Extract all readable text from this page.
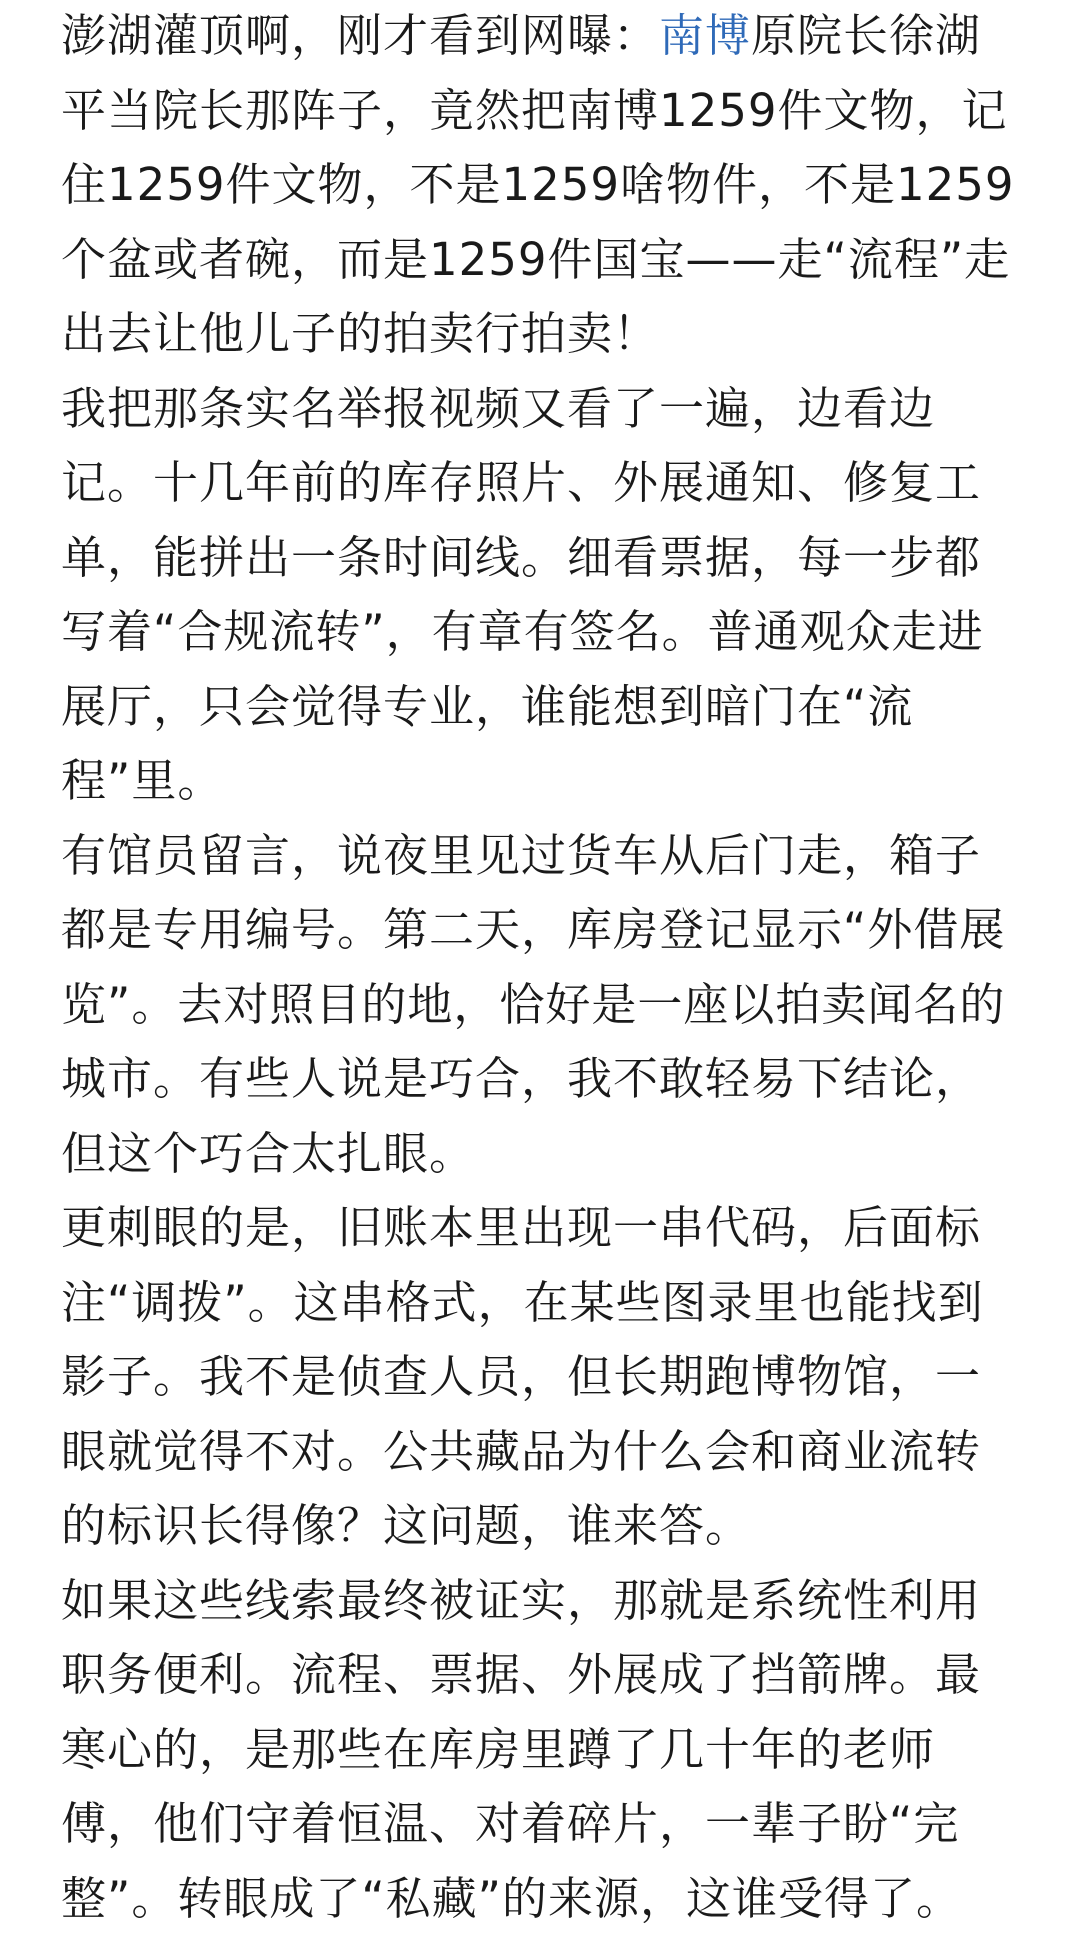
澎湖灌顶啊，刚才看到网曝：南博原院长徐湖平当院长那阵子，竟然把南博1259件文物，记住1259件文物，不是1259啥物件，不是1259个盆或者碗，而是1259件国宝——走“流程”走出去让他儿子的拍卖行拍卖！

我把那条实名举报视频又看了一遍，边看边记。十几年前的库存照片、外展通知、修复工单，能拼出一条时间线。细看票据，每一步都写着“合规流转”，有章有签名。普通观众走进展厅，只会觉得专业，谁能想到暗门在“流程”里。

有馆员留言，说夜里见过货车从后门走，箱子都是专用编号。第二天，库房登记显示“外借展览”。去对照目的地，恰好是一座以拍卖闻名的城市。有些人说是巧合，我不敢轻易下结论，但这个巧合太扎眼。

更刺眼的是，旧账本里出现一串代码，后面标注“调拨”。这串格式，在某些图录里也能找到影子。我不是侦查人员，但长期跑博物馆，一眼就觉得不对。公共藏品为什么会和商业流转的标识长得像？这问题，谁来答。

如果这些线索最终被证实，那就是系统性利用职务便利。流程、票据、外展成了挡箭牌。最寒心的，是那些在库房里蹲了几十年的老师傅，他们守着恒温、对着碎片，一辈子盼“完整”。转眼成了“私藏”的来源，这谁受得了。
